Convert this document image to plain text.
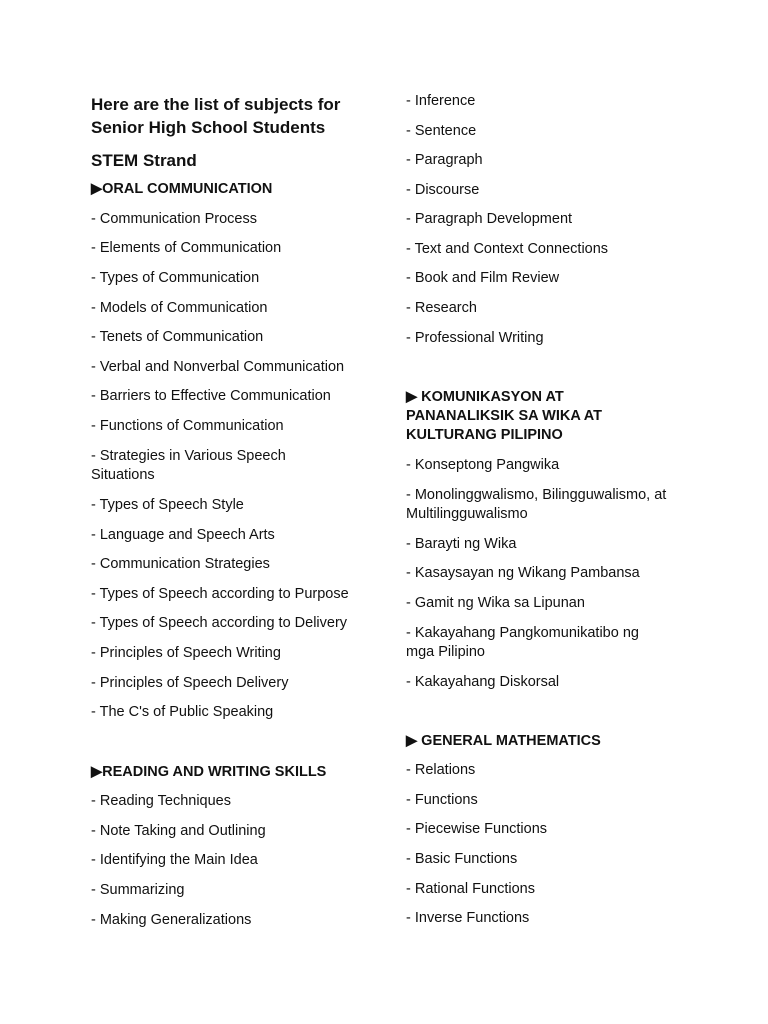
Here are the list of subjects for
Senior High School Students
STEM Strand
▶ORAL COMMUNICATION
- Communication Process
- Elements of Communication
- Types of Communication
- Models of Communication
- Tenets of Communication
- Verbal and Nonverbal Communication
- Barriers to Effective Communication
- Functions of Communication
- Strategies in Various Speech
Situations
- Types of Speech Style
- Language and Speech Arts
- Communication Strategies
- Types of Speech according to Purpose
- Types of Speech according to Delivery
- Principles of Speech Writing
- Principles of Speech Delivery
- The C's of Public Speaking
▶READING AND WRITING SKILLS
- Reading Techniques
- Note Taking and Outlining
- Identifying the Main Idea
- Summarizing
- Making Generalizations
- Inference
- Sentence
- Paragraph
- Discourse
- Paragraph Development
- Text and Context Connections
- Book and Film Review
- Research
- Professional Writing
▶ KOMUNIKASYON AT
PANANALIKSIK SA WIKA AT
KULTURANG PILIPINO
- Konseptong Pangwika
- Monolinggwalismo, Bilingguwalismo, at
Multilingguwalismo
- Barayti ng Wika
- Kasaysayan ng Wikang Pambansa
- Gamit ng Wika sa Lipunan
- Kakayahang Pangkomunikatibo ng
mga Pilipino
- Kakayahang Diskorsal
▶ GENERAL MATHEMATICS
- Relations
- Functions
- Piecewise Functions
- Basic Functions
- Rational Functions
- Inverse Functions
